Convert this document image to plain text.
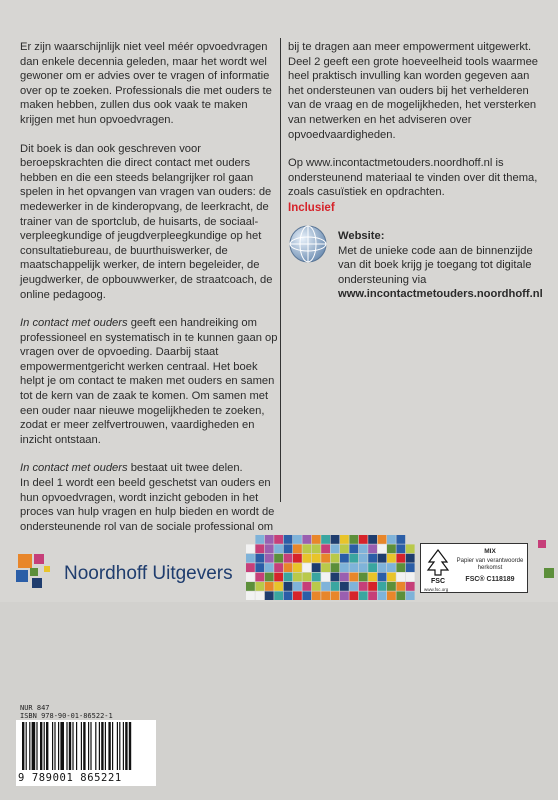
Er zijn waarschijnlijk niet veel méér opvoedvragen dan enkele decennia geleden, maar het wordt wel gewoner om er advies over te vragen of informatie over op te zoeken. Professionals die met ouders te maken hebben, zullen dus ook vaak te maken krijgen met hun opvoedvragen.

Dit boek is dan ook geschreven voor beroepskrachten die direct contact met ouders hebben en die een steeds belangrijker rol gaan spelen in het opvangen van vragen van ouders: de medewerker in de kinderopvang, de leerkracht, de trainer van de sportclub, de huisarts, de sociaal-verpleegkundige of jeugdverpleegkundige op het consultatiebureau, de buurthuiswerker, de maatschappelijk werker, de intern begeleider, de jeugdwerker, de opbouwwerker, de straatcoach, de online pedagoog.

In contact met ouders geeft een handreiking om professioneel en systematisch in te kunnen gaan op vragen over de opvoeding. Daarbij staat empowermentgericht werken centraal. Het boek helpt je om contact te maken met ouders en samen tot de kern van de zaak te komen. Om samen met een ouder naar nieuwe mogelijkheden te zoeken, zodat er meer zelfvertrouwen, vaardigheden en inzicht ontstaan.

In contact met ouders bestaat uit twee delen.
In deel 1 wordt een beeld geschetst van ouders en hun opvoedvragen, wordt inzicht geboden in het proces van hulp vragen en hulp bieden en wordt de ondersteunende rol van de sociale professional om

bij te dragen aan meer empowerment uitgewerkt. Deel 2 geeft een grote hoeveelheid tools waarmee heel praktisch invulling kan worden gegeven aan het ondersteunen van ouders bij het verhelderen van de vraag en de mogelijkheden, het versterken van netwerken en het adviseren over opvoedvaardigheden.

Op www.incontactmetouders.noordhoff.nl is ondersteunend materiaal te vinden over dit thema, zoals casuïstiek en opdrachten.

Inclusief
Website:
Met de unieke code aan de binnenzijde van dit boek krijg je toegang tot digitale ondersteuning via
www.incontactmetouders.noordhoff.nl
Noordhoff Uitgevers	FSC
MIX
Papier van verantwoorde herkomst
FSC® C118189
www.fsc.org
NUR 847
ISBN 978-90-01-86522-1
9 789001 865221
